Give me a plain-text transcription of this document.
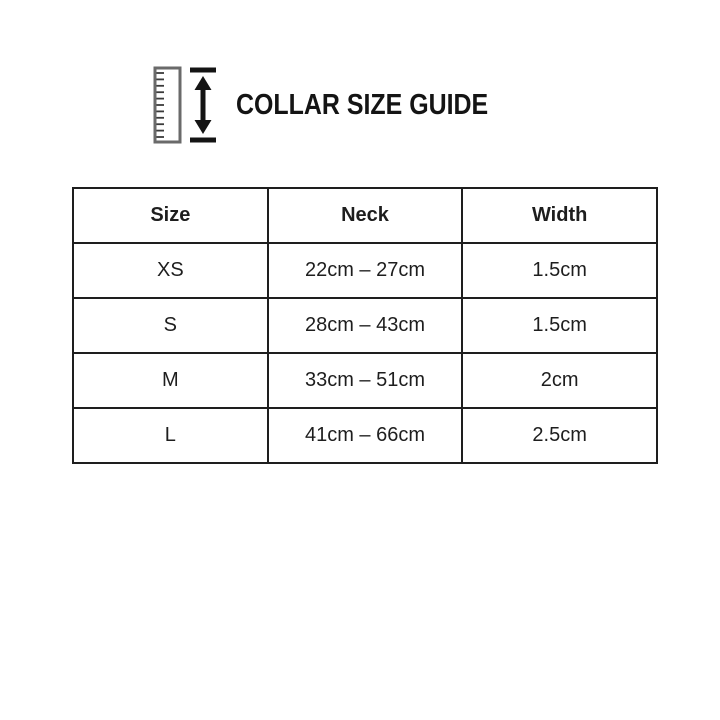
COLLAR SIZE GUIDE
Size	Neck	Width
XS	22cm – 27cm	1.5cm
S	28cm – 43cm	1.5cm
M	33cm – 51cm	2cm
L	41cm – 66cm	2.5cm
